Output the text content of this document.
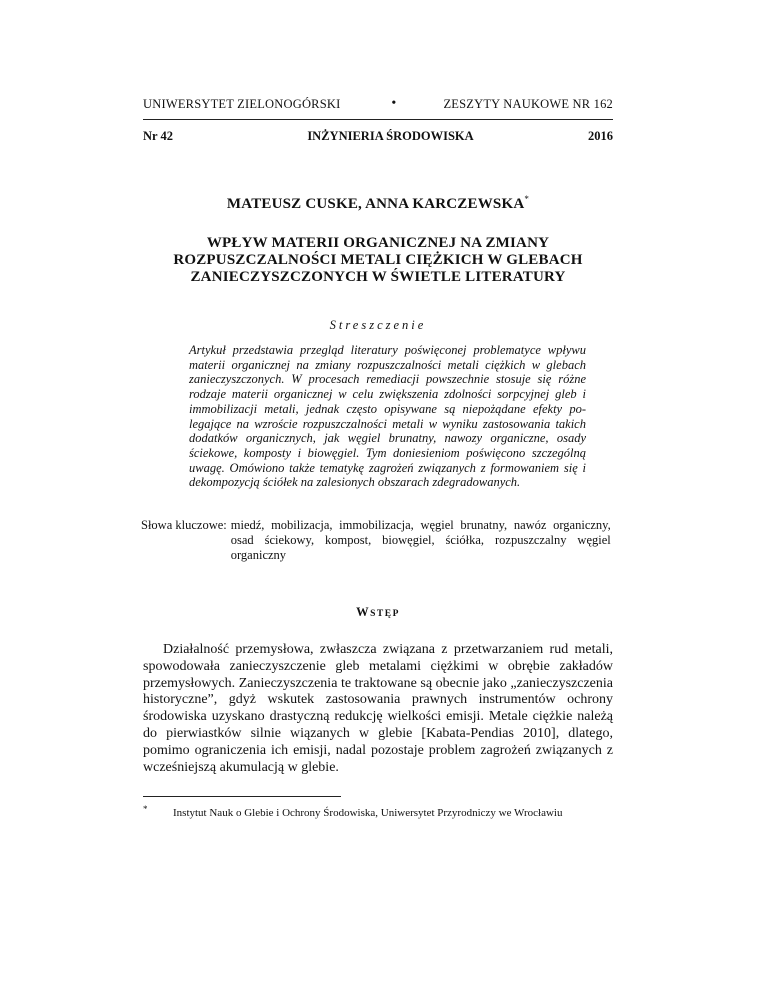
UNIWERSYTET ZIELONOGÓRSKI	•	ZESZYTY NAUKOWE NR 162
Nr 42	INŻYNIERIA ŚRODOWISKA	2016
MATEUSZ CUSKE, ANNA KARCZEWSKA*
WPŁYW MATERII ORGANICZNEJ NA ZMIANY
ROZPUSZCZALNOŚCI METALI CIĘŻKICH W GLEBACH
ZANIECZYSZCZONYCH W ŚWIETLE LITERATURY
Streszczenie
Artykuł przedstawia przegląd literatury poświęconej problematyce wpływu materii organicznej na zmiany rozpuszczalności metali ciężkich w glebach zanieczyszczonych. W procesach remediacji powszechnie stosuje się różne rodzaje materii organicznej w celu zwiększenia zdolności sorpcyjnej gleb i immobilizacji metali, jednak często opisywane są niepożądane efekty polegające na wzroście rozpuszczalności metali w wyniku zastosowania takich dodatków organicznych, jak węgiel brunatny, nawozy organiczne, osady ściekowe, komposty i biowęgiel. Tym doniesieniom poświęcono szczególną uwagę. Omówiono także tematykę zagrożeń związanych z formowaniem się i dekompozycją ściółek na zalesionych obszarach zdegradowanych.
Słowa kluczowe: miedź, mobilizacja, immobilizacja, węgiel brunatny, nawóz organiczny, osad ściekowy, kompost, biowęgiel, ściółka, rozpuszczalny węgiel organiczny
WSTĘP
Działalność przemysłowa, zwłaszcza związana z przetwarzaniem rud metali, spowodowała zanieczyszczenie gleb metalami ciężkimi w obrębie zakładów przemysłowych. Zanieczyszczenia te traktowane są obecnie jako „zanieczyszczenia historyczne”, gdyż wskutek zastosowania prawnych instrumentów ochrony środowiska uzyskano drastyczną redukcję wielkości emisji. Metale ciężkie należą do pierwiastków silnie wiązanych w glebie [Kabata-Pendias 2010], dlatego, pomimo ograniczenia ich emisji, nadal pozostaje problem zagrożeń związanych z wcześniejszą akumulacją w glebie.
*	Instytut Nauk o Glebie i Ochrony Środowiska, Uniwersytet Przyrodniczy we Wrocławiu
